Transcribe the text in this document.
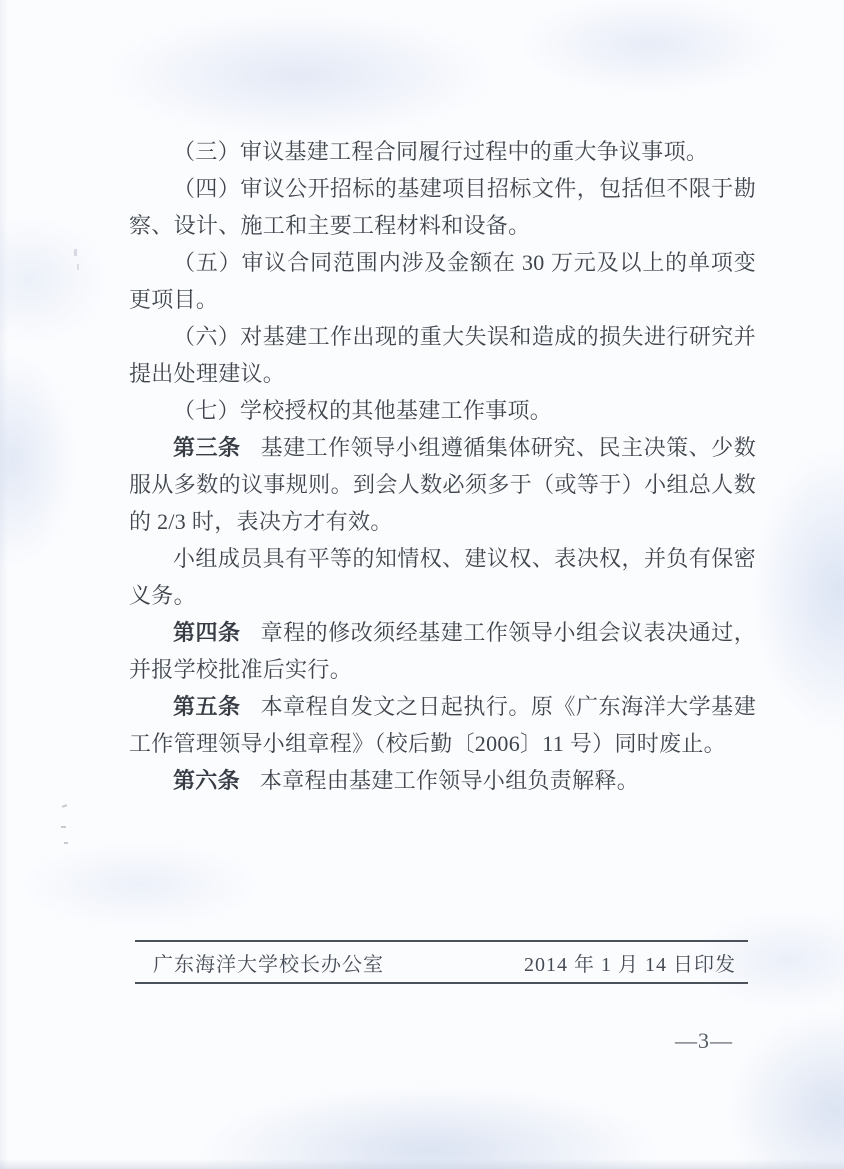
（三）审议基建工程合同履行过程中的重大争议事项。

（四）审议公开招标的基建项目招标文件，包括但不限于勘察、设计、施工和主要工程材料和设备。

（五）审议合同范围内涉及金额在 30 万元及以上的单项变更项目。

（六）对基建工作出现的重大失误和造成的损失进行研究并提出处理建议。

（七）学校授权的其他基建工作事项。

第三条 基建工作领导小组遵循集体研究、民主决策、少数服从多数的议事规则。到会人数必须多于（或等于）小组总人数的 2/3 时，表决方才有效。

小组成员具有平等的知情权、建议权、表决权，并负有保密义务。

第四条 章程的修改须经基建工作领导小组会议表决通过，并报学校批准后实行。

第五条 本章程自发文之日起执行。原《广东海洋大学基建工作管理领导小组章程》（校后勤〔2006〕11 号）同时废止。

第六条 本章程由基建工作领导小组负责解释。

广东海洋大学校长办公室	2014 年 1 月 14 日印发
—3—
